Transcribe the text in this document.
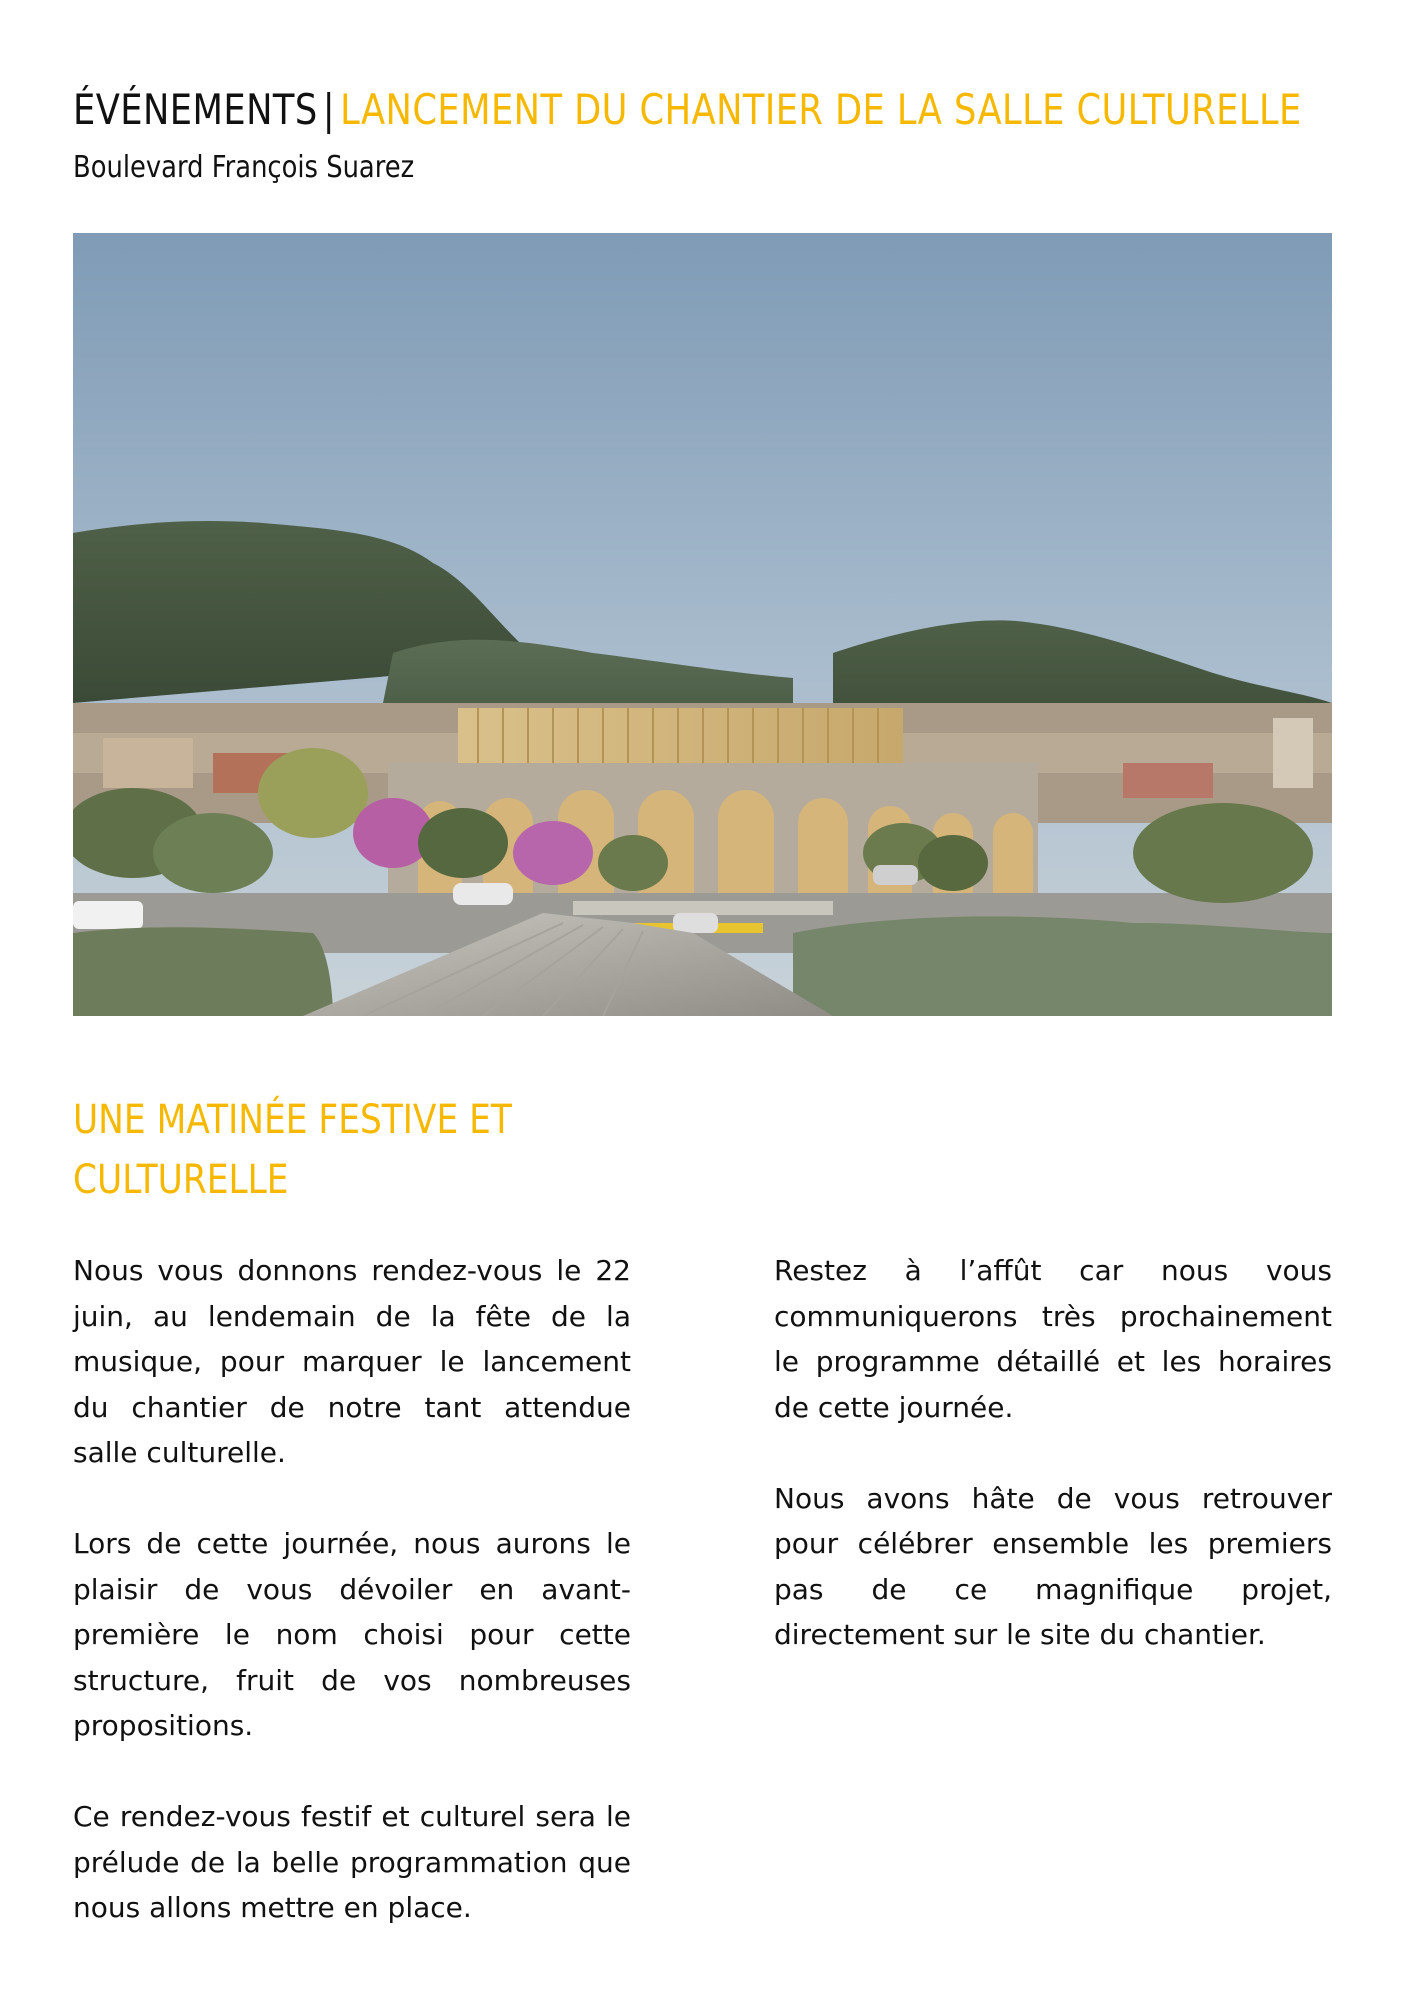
ÉVÉNEMENTS | LANCEMENT DU CHANTIER DE LA SALLE CULTURELLE
Boulevard François Suarez
UNE MATINÉE FESTIVE ET
CULTURELLE

Nous vous donnons rendez-vous le 22 juin, au lendemain de la fête de la musique, pour marquer le lancement du chantier de notre tant attendue salle culturelle.

Lors de cette journée, nous aurons le plaisir de vous dévoiler en avant-première le nom choisi pour cette structure, fruit de vos nombreuses propositions.

Ce rendez-vous festif et culturel sera le prélude de la belle programmation que nous allons mettre en place.

Restez à l’affût car nous vous communiquerons très prochainement le programme détaillé et les horaires de cette journée.

Nous avons hâte de vous retrouver pour célébrer ensemble les premiers pas de ce magnifique projet, directement sur le site du chantier.
